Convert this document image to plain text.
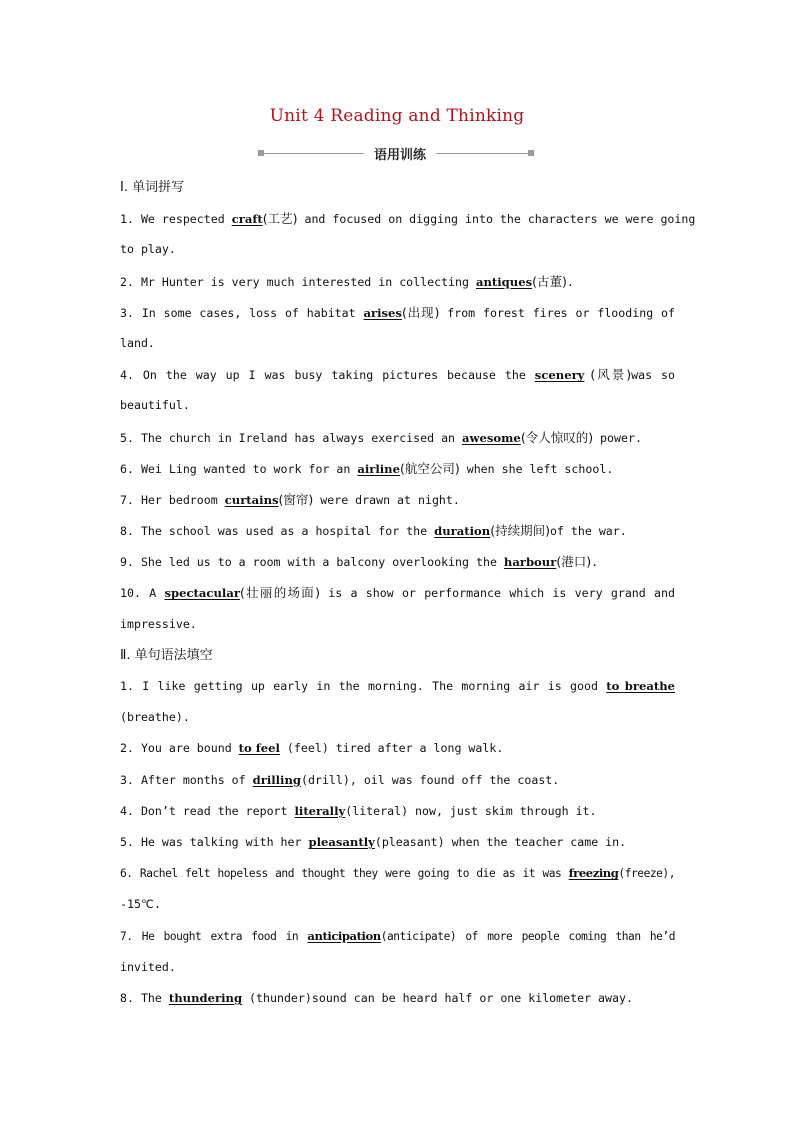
Unit 4 Reading and Thinking
语用训练
Ⅰ. 单词拼写
1. We respected craft(工艺) and focused on digging into the characters we were going
to play.
2. Mr Hunter is very much interested in collecting antiques(古董).
3. In some cases, loss of habitat arises(出现) from forest fires or flooding of
land.
4. On the way up I was busy taking pictures because the scenery (风景)was so
beautiful.
5. The church in Ireland has always exercised an awesome(令人惊叹的) power.
6. Wei Ling wanted to work for an airline(航空公司) when she left school.
7. Her bedroom curtains(窗帘) were drawn at night.
8. The school was used as a hospital for the duration(持续期间)of the war.
9. She led us to a room with a balcony overlooking the harbour(港口).
10. A spectacular(壮丽的场面) is a show or performance which is very grand and
impressive.
Ⅱ. 单句语法填空
1. I like getting up early in the morning. The morning air is good to breathe
(breathe).
2. You are bound to feel (feel) tired after a long walk.
3. After months of drilling(drill), oil was found off the coast.
4. Don’t read the report literally(literal) now, just skim through it.
5. He was talking with her pleasantly(pleasant) when the teacher came in.
6. Rachel felt hopeless and thought they were going to die as it was freezing(freeze),
-15℃.
7. He bought extra food in anticipation(anticipate) of more people coming than he’d
invited.
8. The thundering (thunder)sound can be heard half or one kilometer away.
